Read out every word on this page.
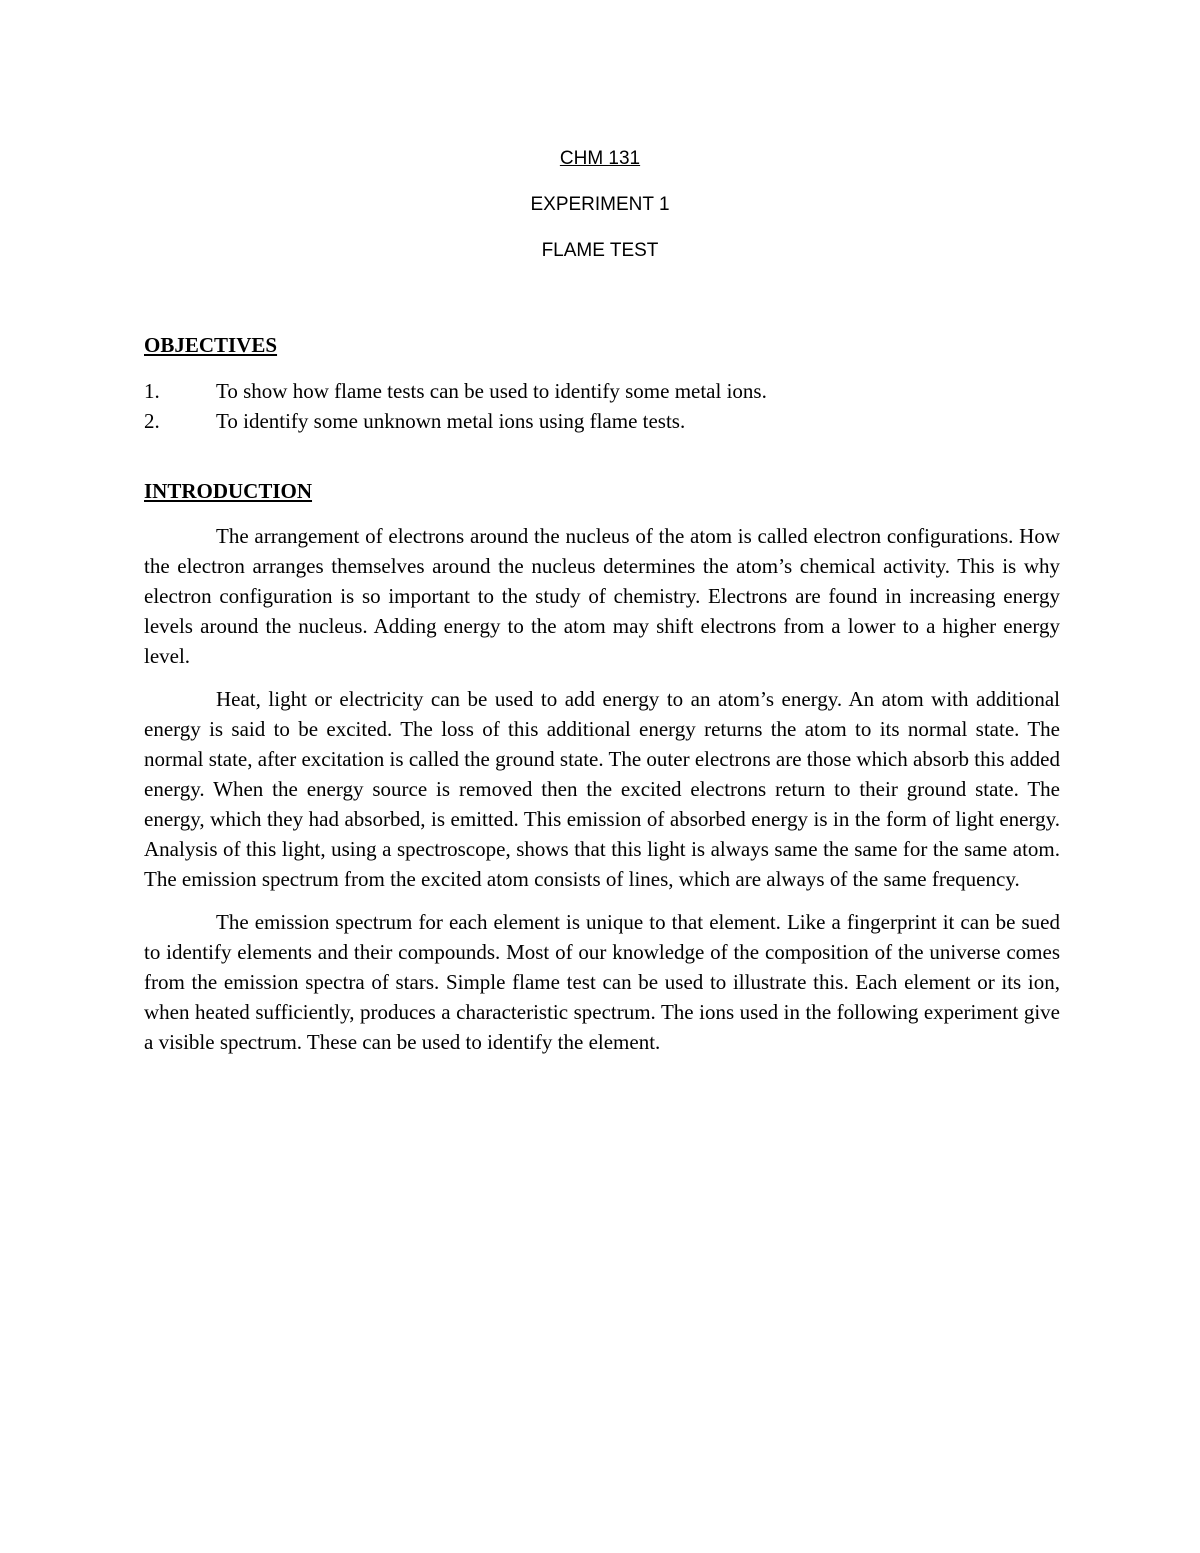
CHM 131
EXPERIMENT 1
FLAME TEST
OBJECTIVES
1.	To show how flame tests can be used to identify some metal ions.
2.	To identify some unknown metal ions using flame tests.
INTRODUCTION

The arrangement of electrons around the nucleus of the atom is called electron configurations. How the electron arranges themselves around the nucleus determines the atom’s chemical activity. This is why electron configuration is so important to the study of chemistry. Electrons are found in increasing energy levels around the nucleus. Adding energy to the atom may shift electrons from a lower to a higher energy level.

Heat, light or electricity can be used to add energy to an atom’s energy. An atom with additional energy is said to be excited. The loss of this additional energy returns the atom to its normal state. The normal state, after excitation is called the ground state. The outer electrons are those which absorb this added energy. When the energy source is removed then the excited electrons return to their ground state. The energy, which they had absorbed, is emitted. This emission of absorbed energy is in the form of light energy. Analysis of this light, using a spectroscope, shows that this light is always same the same for the same atom. The emission spectrum from the excited atom consists of lines, which are always of the same frequency.

The emission spectrum for each element is unique to that element. Like a fingerprint it can be sued to identify elements and their compounds. Most of our knowledge of the composition of the universe comes from the emission spectra of stars. Simple flame test can be used to illustrate this. Each element or its ion, when heated sufficiently, produces a characteristic spectrum. The ions used in the following experiment give a visible spectrum. These can be used to identify the element.
